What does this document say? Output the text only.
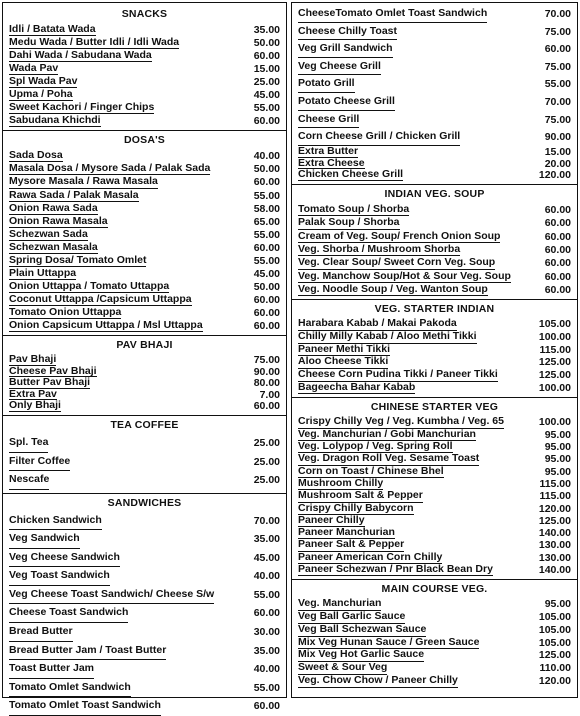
SNACKS
Idli / Batata Wada	35.00
Medu Wada / Butter Idli / Idli Wada	50.00
Dahi Wada / Sabudana Wada	60.00
Wada Pav	15.00
Spl Wada Pav	25.00
Upma / Poha	45.00
Sweet Kachori / Finger Chips	55.00
Sabudana Khichdi	60.00
DOSA'S
Sada Dosa	40.00
Masala Dosa / Mysore Sada / Palak Sada	50.00
Mysore Masala / Rawa Masala	60.00
Rawa Sada / Palak Masala	55.00
Onion Rawa Sada	58.00
Onion Rawa Masala	65.00
Schezwan Sada	55.00
Schezwan Masala	60.00
Spring Dosa/ Tomato Omlet	55.00
Plain Uttappa	45.00
Onion Uttappa / Tomato Uttappa	50.00
Coconut Uttappa /Capsicum Uttappa	60.00
Tomato Onion Uttappa	60.00
Onion Capsicum Uttappa / Msl Uttappa	60.00
PAV BHAJI
Pav Bhaji	75.00
Cheese Pav Bhaji	90.00
Butter Pav Bhaji	80.00
Extra Pav	7.00
Only Bhaji	60.00
TEA COFFEE
Spl. Tea	25.00
Filter Coffee	25.00
Nescafe	25.00
SANDWICHES
Chicken Sandwich	70.00
Veg Sandwich	35.00
Veg Cheese Sandwich	45.00
Veg Toast Sandwich	40.00
Veg Cheese Toast Sandwich/ Cheese S/w	55.00
Cheese Toast Sandwich	60.00
Bread Butter	30.00
Bread Butter Jam / Toast Butter	35.00
Toast Butter Jam	40.00
Tomato Omlet Sandwich	55.00
Tomato Omlet Toast Sandwich	60.00
CheeseTomato Omlet Toast Sandwich	70.00
Cheese Chilly Toast	75.00
Veg Grill Sandwich	60.00
Veg Cheese Grill	75.00
Potato Grill	55.00
Potato Cheese Grill	70.00
Cheese Grill	75.00
Corn Cheese Grill / Chicken Grill	90.00
Extra Butter	15.00
Extra Cheese	20.00
Chicken Cheese Grill	120.00
INDIAN VEG. SOUP
Tomato Soup / Shorba	60.00
Palak Soup / Shorba	60.00
Cream of Veg. Soup/ French Onion Soup	60.00
Veg. Shorba / Mushroom Shorba	60.00
Veg. Clear Soup/ Sweet Corn Veg. Soup	60.00
Veg. Manchow Soup/Hot & Sour Veg. Soup	60.00
Veg. Noodle Soup / Veg. Wanton Soup	60.00
VEG. STARTER INDIAN
Harabara Kabab / Makai Pakoda	105.00
Chilly Milly Kabab / Aloo Methi Tikki	100.00
Paneer Methi Tikki	115.00
Aloo Cheese Tikki	125.00
Cheese Corn Pudina Tikki / Paneer Tikki	125.00
Bageecha Bahar Kabab	100.00
CHINESE STARTER VEG
Crispy Chilly Veg / Veg. Kumbha / Veg. 65	100.00
Veg. Manchurian / Gobi Manchurian	95.00
Veg. Lolypop / Veg. Spring Roll	95.00
Veg. Dragon Roll Veg. Sesame Toast	95.00
Corn on Toast / Chinese Bhel	95.00
Mushroom Chilly	115.00
Mushroom Salt & Pepper	115.00
Crispy Chilly Babycorn	120.00
Paneer Chilly	125.00
Paneer Manchurian	140.00
Paneer Salt & Pepper	130.00
Paneer American Corn Chilly	130.00
Paneer Schezwan / Pnr Black Bean Dry	140.00
MAIN COURSE VEG.
Veg. Manchurian	95.00
Veg Ball Garlic Sauce	105.00
Veg Ball Schezwan Sauce	105.00
Mix Veg Hunan Sauce / Green Sauce	105.00
Mix Veg Hot Garlic Sauce	125.00
Sweet & Sour Veg	110.00
Veg. Chow Chow / Paneer Chilly	120.00
